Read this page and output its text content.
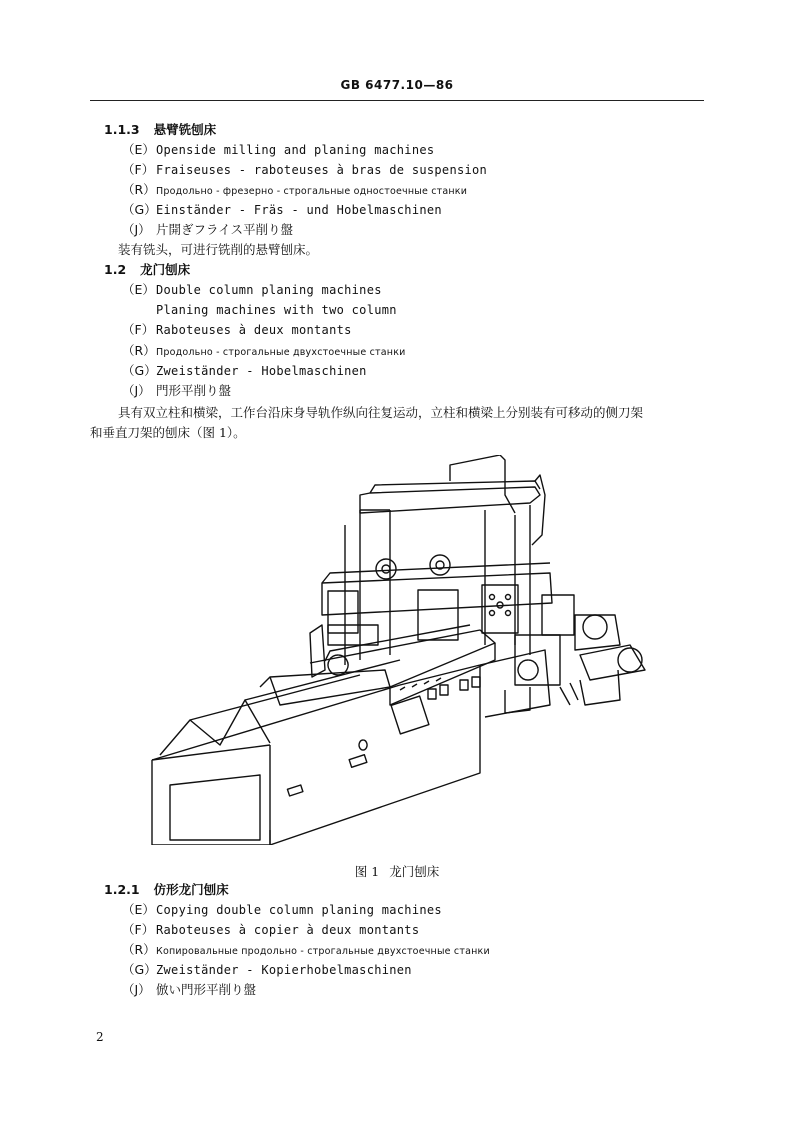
GB 6477.10—86
1.1.3 悬臂铣刨床
（E）Openside milling and planing machines
（F） Fraiseuses - raboteuses à bras de suspension
（R）Продольно - фрезерно - строгальные одностоечные станки
（G）Einständer - Fräs - und Hobelmaschinen
（J） 片開ぎフライス平削り盤
装有铣头，可进行铣削的悬臂刨床。
1.2 龙门刨床
（E）Double column planing machines
Planing machines with two column
（F） Raboteuses à deux montants
（R）Продольно - строгальные двухстоечные станки
（G）Zweiständer - Hobelmaschinen
（J） 門形平削り盤
具有双立柱和横梁，工作台沿床身导轨作纵向往复运动，立柱和横梁上分别装有可移动的侧刀架
和垂直刀架的刨床（图 1）。
图 1 龙门刨床
1.2.1 仿形龙门刨床
（E）Copying double column planing machines
（F） Raboteuses à copier à deux montants
（R）Копировальные продольно - строгальные двухстоечные станки
（G）Zweiständer - Kopierhobelmaschinen
（J） 倣い門形平削り盤
2
